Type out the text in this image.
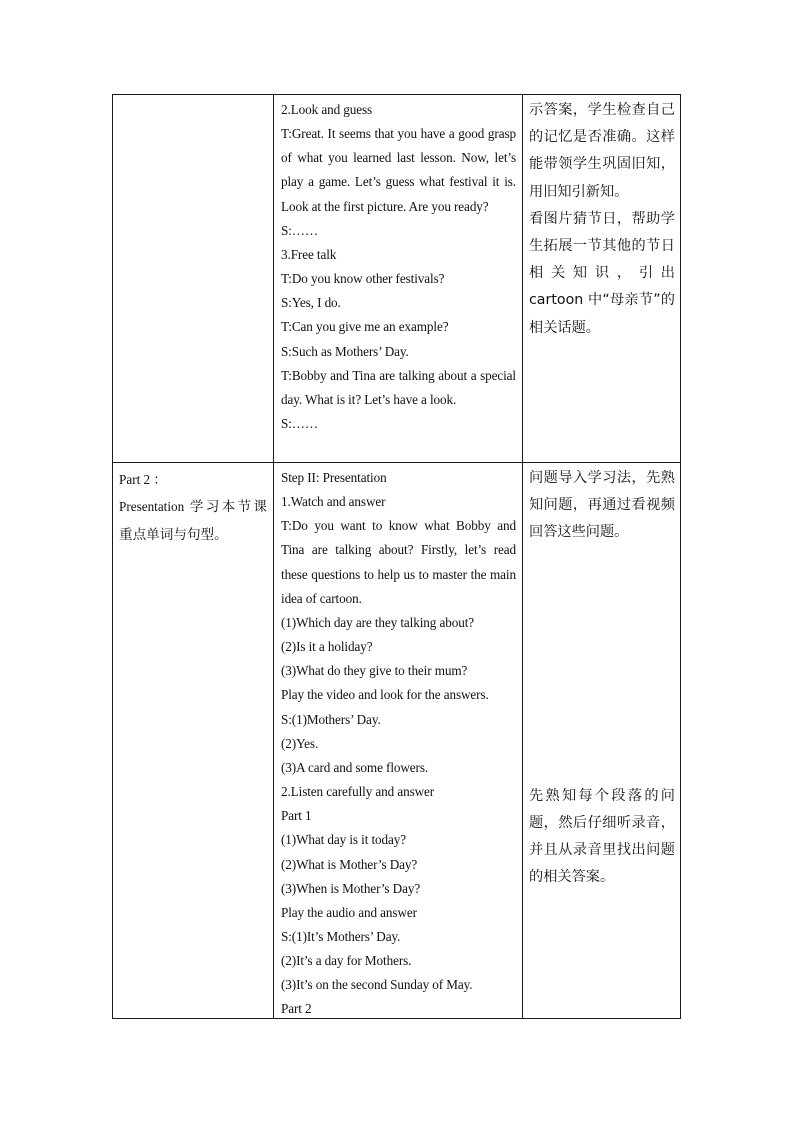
2.Look and guess

T:Great. It seems that you have a good grasp of what you learned last lesson. Now, let’s play a game. Let’s guess what festival it is. Look at the first picture. Are you ready?

S:……

3.Free talk

T:Do you know other festivals?

S:Yes, I do.

T:Can you give me an example?

S:Such as Mothers’ Day.

T:Bobby and Tina are talking about a special day. What is it? Let’s have a look.

S:……

示答案，学生检查自己的记忆是否准确。这样能带领学生巩固旧知，用旧知引新知。

看图片猜节日，帮助学生拓展一节其他的节日相关知识，引出 cartoon 中“母亲节”的相关话题。

Part 2 ：

Presentation 学习本节课重点单词与句型。

Step II: Presentation

1.Watch and answer

T:Do you want to know what Bobby and Tina are talking about? Firstly, let’s read these questions to help us to master the main idea of cartoon.

(1)Which day are they talking about?

(2)Is it a holiday?

(3)What do they give to their mum?

Play the video and look for the answers.

S:(1)Mothers’ Day.

(2)Yes.

(3)A card and some flowers.

2.Listen carefully and answer

Part 1

(1)What day is it today?

(2)What is Mother’s Day?

(3)When is Mother’s Day?

Play the audio and answer

S:(1)It’s Mothers’ Day.

(2)It’s a day for Mothers.

(3)It’s on the second Sunday of May.

Part 2

问题导入学习法，先熟知问题，再通过看视频回答这些问题。

先熟知每个段落的问题，然后仔细听录音，并且从录音里找出问题的相关答案。
